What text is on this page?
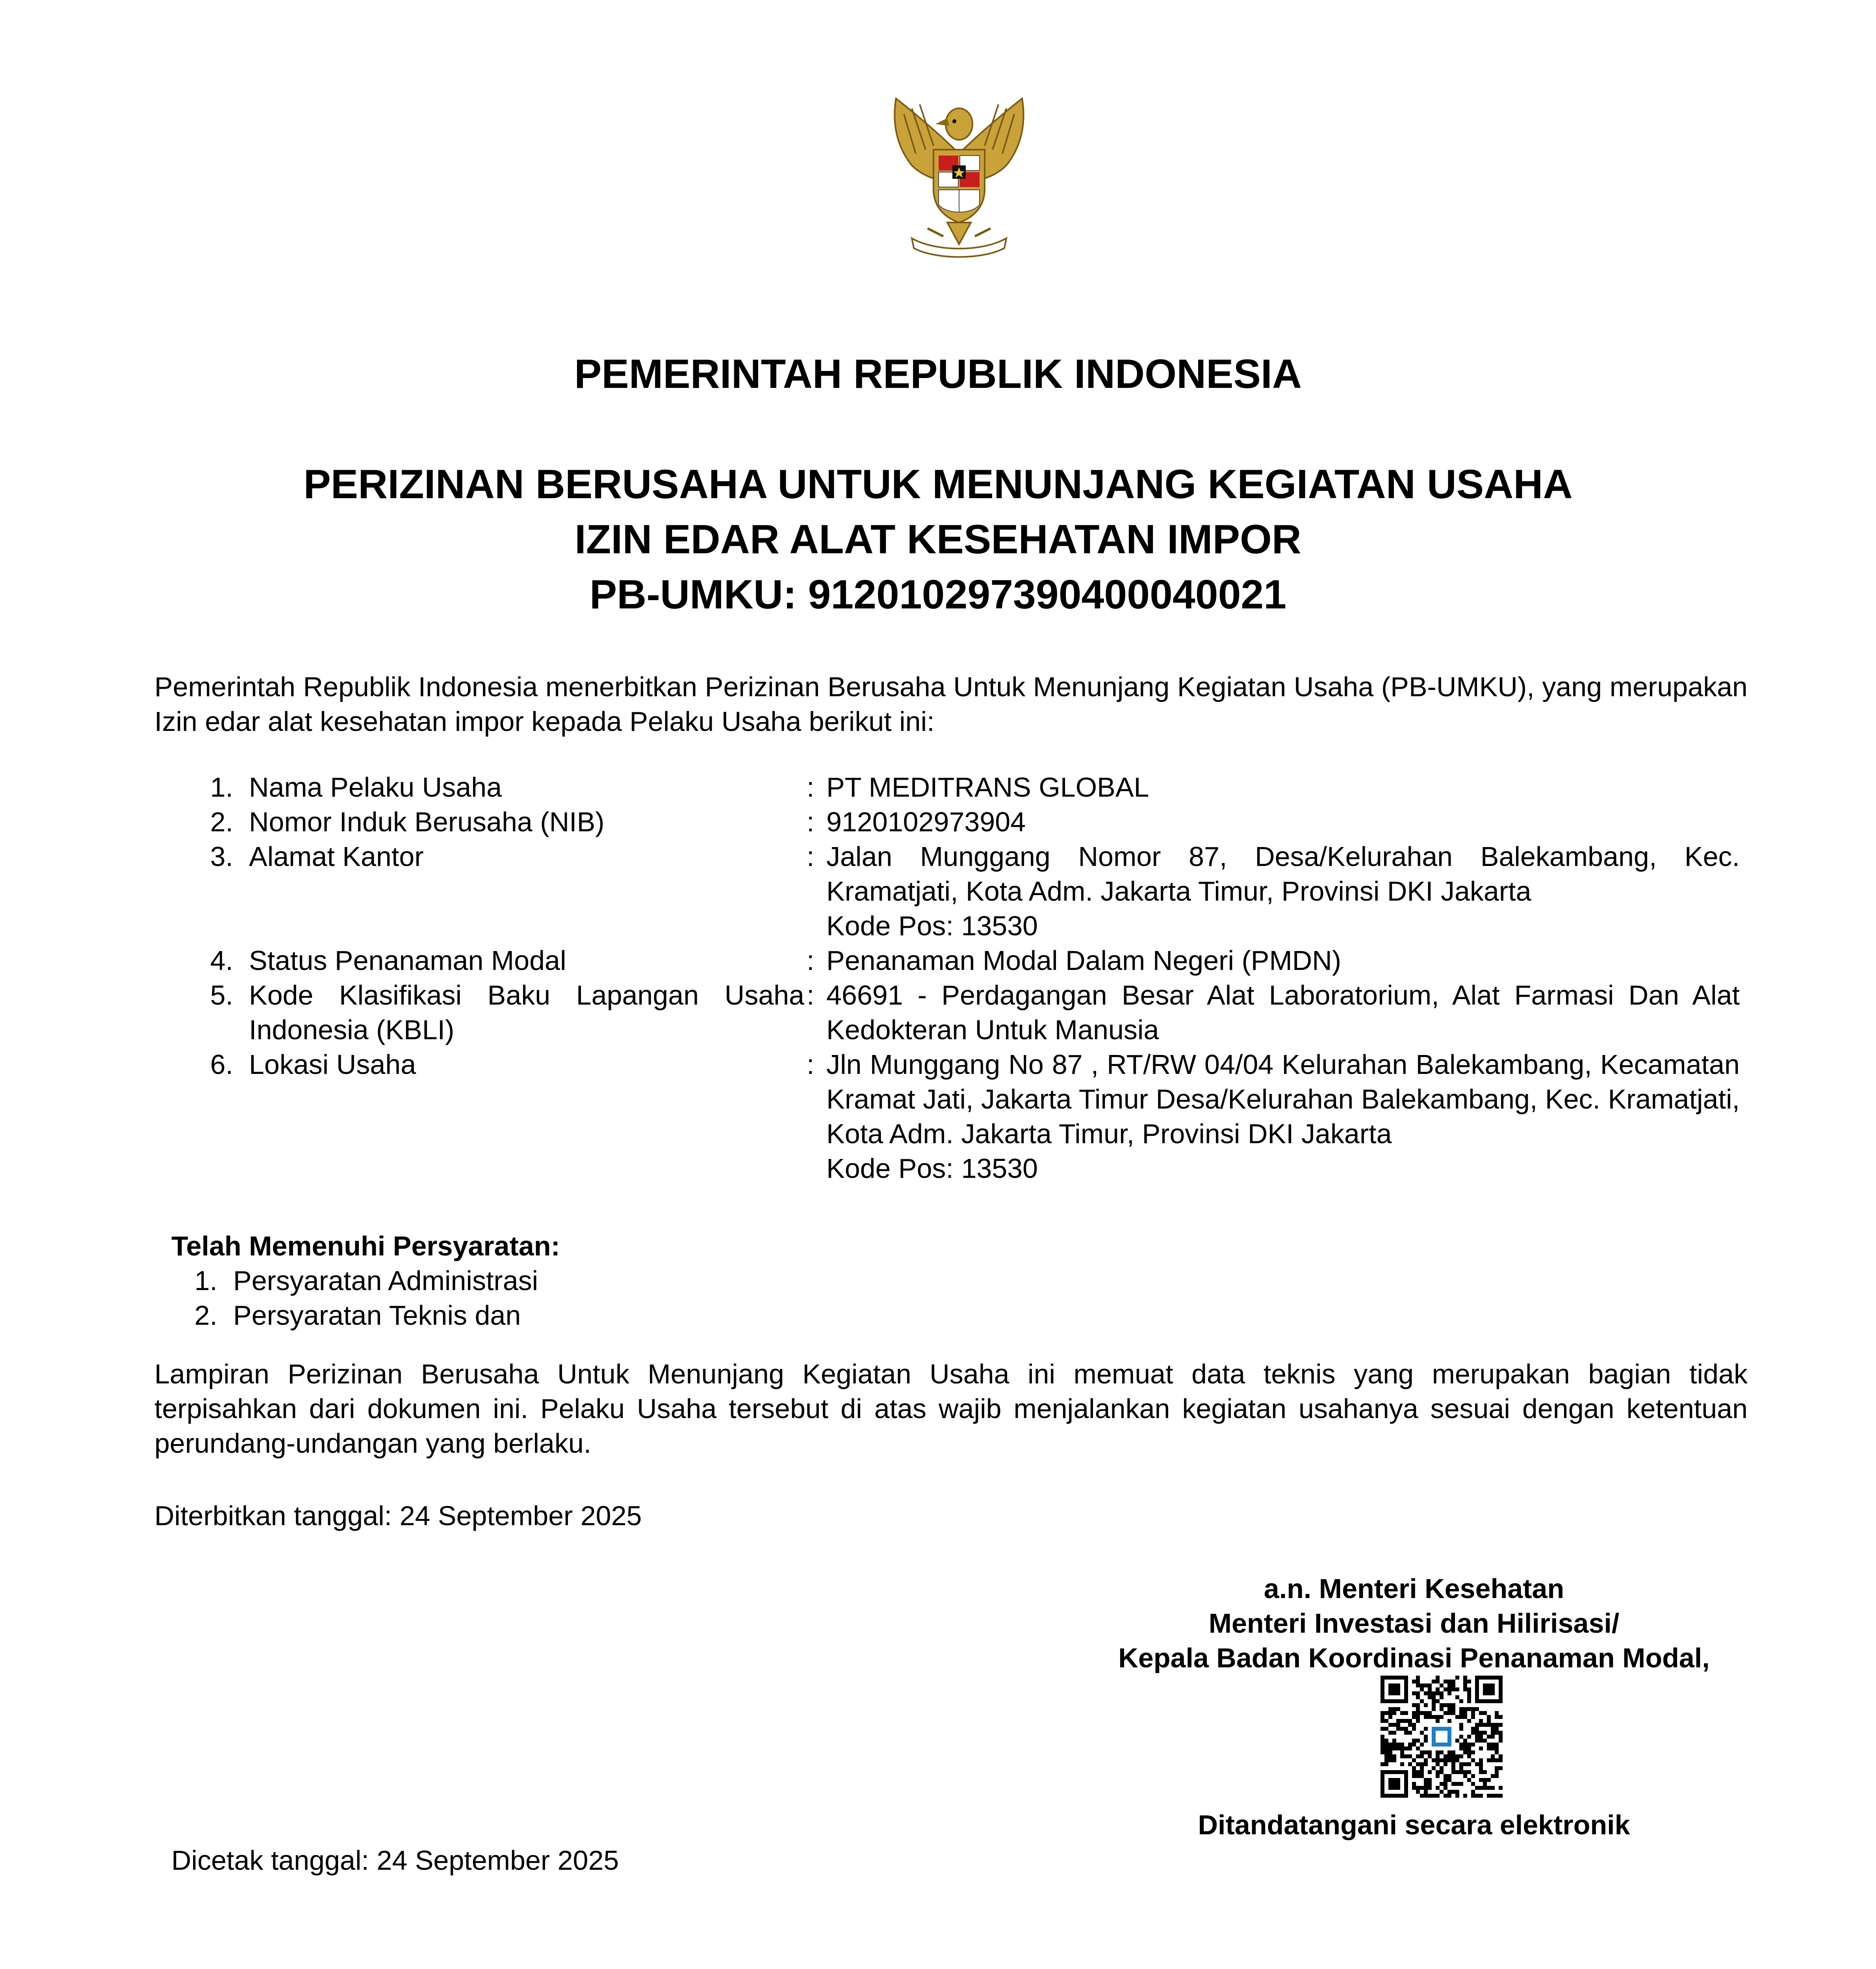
PEMERINTAH REPUBLIK INDONESIA
PERIZINAN BERUSAHA UNTUK MENUNJANG KEGIATAN USAHA
IZIN EDAR ALAT KESEHATAN IMPOR
PB-UMKU: 912010297390400040021
Pemerintah Republik Indonesia menerbitkan Perizinan Berusaha Untuk Menunjang Kegiatan Usaha (PB-UMKU), yang merupakan Izin edar alat kesehatan impor kepada Pelaku Usaha berikut ini:
1.	Nama Pelaku Usaha	:	PT MEDITRANS GLOBAL

2.	Nomor Induk Berusaha (NIB)	:	9120102973904

3.	Alamat Kantor	:	Jalan Munggang Nomor 87, Desa/Kelurahan Balekambang, Kec. Kramatjati, Kota Adm. Jakarta Timur, Provinsi DKI Jakarta
Kode Pos: 13530

4.	Status Penanaman Modal	:	Penanaman Modal Dalam Negeri (PMDN)

5.	Kode Klasifikasi Baku Lapangan Usaha Indonesia (KBLI)	:	46691 - Perdagangan Besar Alat Laboratorium, Alat Farmasi Dan Alat Kedokteran Untuk Manusia

6.	Lokasi Usaha	:	Jln Munggang No 87 , RT/RW 04/04 Kelurahan Balekambang, Kecamatan Kramat Jati, Jakarta Timur Desa/Kelurahan Balekambang, Kec. Kramatjati, Kota Adm. Jakarta Timur, Provinsi DKI Jakarta
Kode Pos: 13530
Telah Memenuhi Persyaratan:
1. Persyaratan Administrasi
2. Persyaratan Teknis dan
Lampiran Perizinan Berusaha Untuk Menunjang Kegiatan Usaha ini memuat data teknis yang merupakan bagian tidak terpisahkan dari dokumen ini. Pelaku Usaha tersebut di atas wajib menjalankan kegiatan usahanya sesuai dengan ketentuan perundang-undangan yang berlaku.
Diterbitkan tanggal: 24 September 2025
a.n. Menteri Kesehatan
Menteri Investasi dan Hilirisasi/
Kepala Badan Koordinasi Penanaman Modal,
Ditandatangani secara elektronik
Dicetak tanggal: 24 September 2025
